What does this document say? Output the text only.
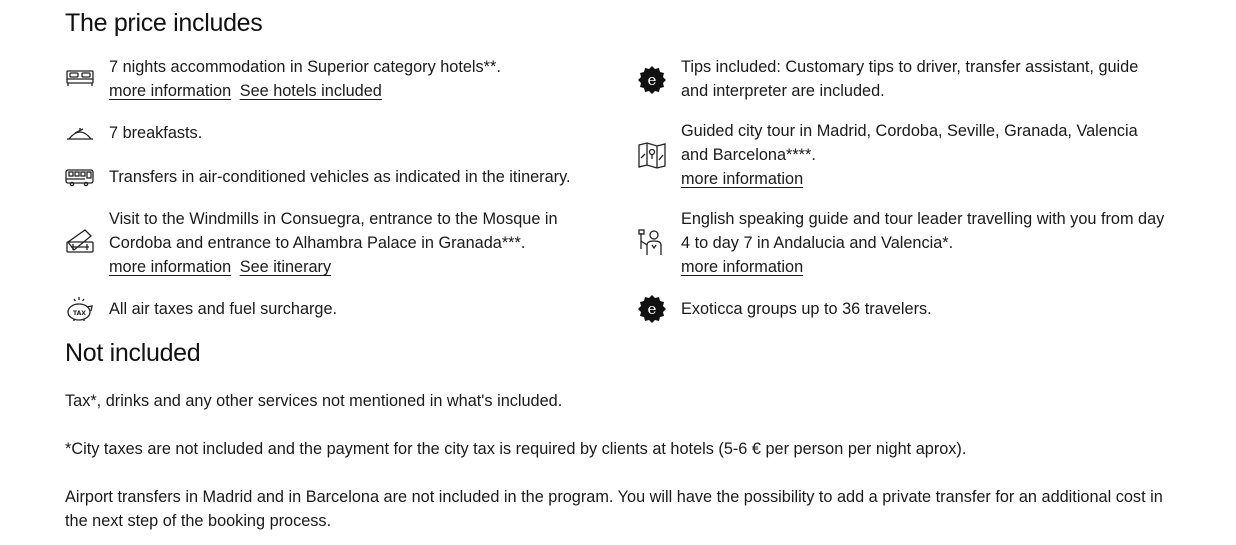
The price includes
7 nights accommodation in Superior category hotels**.
more information See hotels included
7 breakfasts.
Transfers in air-conditioned vehicles as indicated in the itinerary.
Visit to the Windmills in Consuegra, entrance to the Mosque in Cordoba and entrance to Alhambra Palace in Granada***.
more information See itinerary
TAX All air taxes and fuel surcharge.
e
Tips included: Customary tips to driver, transfer assistant, guide and interpreter are included.
Guided city tour in Madrid, Cordoba, Seville, Granada, Valencia and Barcelona****.
more information
English speaking guide and tour leader travelling with you from day 4 to day 7 in Andalucia and Valencia*.
more information
e Exoticca groups up to 36 travelers.
Not included

Tax*, drinks and any other services not mentioned in what's included.

*City taxes are not included and the payment for the city tax is required by clients at hotels (5-6 € per person per night aprox).

Airport transfers in Madrid and in Barcelona are not included in the program. You will have the possibility to add a private transfer for an additional cost in the next step of the booking process.
